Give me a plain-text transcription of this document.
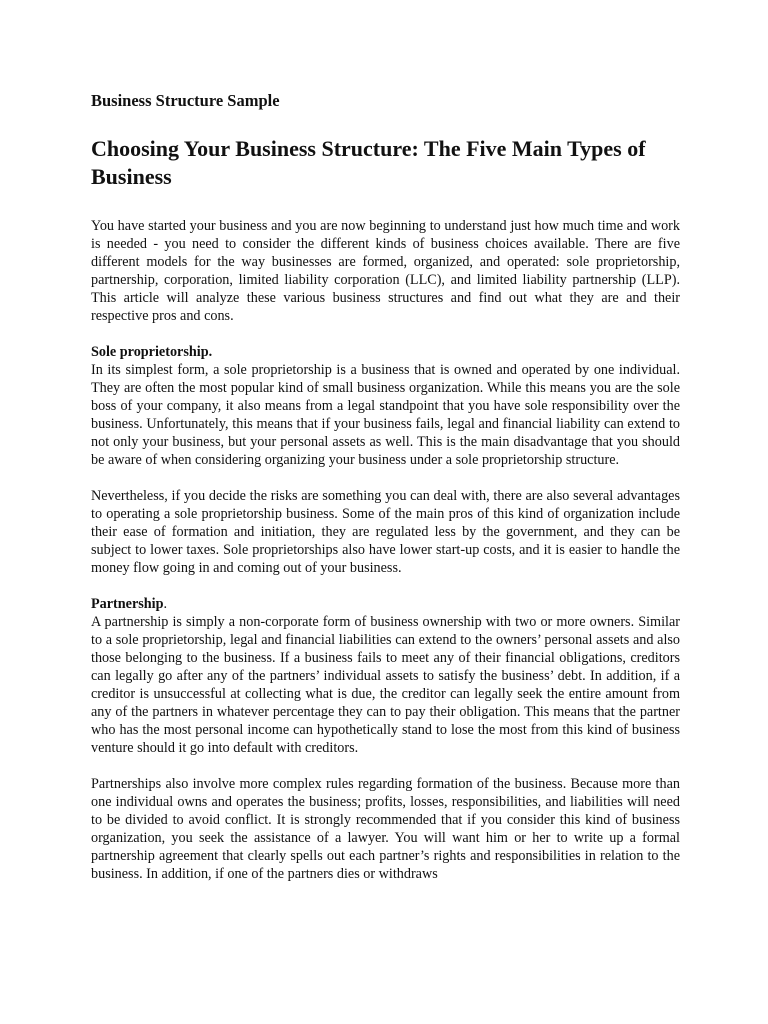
Business Structure Sample
Choosing Your Business Structure: The Five Main Types of Business

You have started your business and you are now beginning to understand just how much time and work is needed - you need to consider the different kinds of business choices available. There are five different models for the way businesses are formed, organized, and operated: sole proprietorship, partnership, corporation, limited liability corporation (LLC), and limited liability partnership (LLP). This article will analyze these various business structures and find out what they are and their respective pros and cons.

Sole proprietorship.

In its simplest form, a sole proprietorship is a business that is owned and operated by one individual. They are often the most popular kind of small business organization. While this means you are the sole boss of your company, it also means from a legal standpoint that you have sole responsibility over the business. Unfortunately, this means that if your business fails, legal and financial liability can extend to not only your business, but your personal assets as well. This is the main disadvantage that you should be aware of when considering organizing your business under a sole proprietorship structure.

Nevertheless, if you decide the risks are something you can deal with, there are also several advantages to operating a sole proprietorship business. Some of the main pros of this kind of organization include their ease of formation and initiation, they are regulated less by the government, and they can be subject to lower taxes. Sole proprietorships also have lower start-up costs, and it is easier to handle the money flow going in and coming out of your business.

Partnership.

A partnership is simply a non-corporate form of business ownership with two or more owners. Similar to a sole proprietorship, legal and financial liabilities can extend to the owners’ personal assets and also those belonging to the business. If a business fails to meet any of their financial obligations, creditors can legally go after any of the partners’ individual assets to satisfy the business’ debt. In addition, if a creditor is unsuccessful at collecting what is due, the creditor can legally seek the entire amount from any of the partners in whatever percentage they can to pay their obligation. This means that the partner who has the most personal income can hypothetically stand to lose the most from this kind of business venture should it go into default with creditors.

Partnerships also involve more complex rules regarding formation of the business. Because more than one individual owns and operates the business; profits, losses, responsibilities, and liabilities will need to be divided to avoid conflict. It is strongly recommended that if you consider this kind of business organization, you seek the assistance of a lawyer. You will want him or her to write up a formal partnership agreement that clearly spells out each partner’s rights and responsibilities in relation to the business. In addition, if one of the partners dies or withdraws
